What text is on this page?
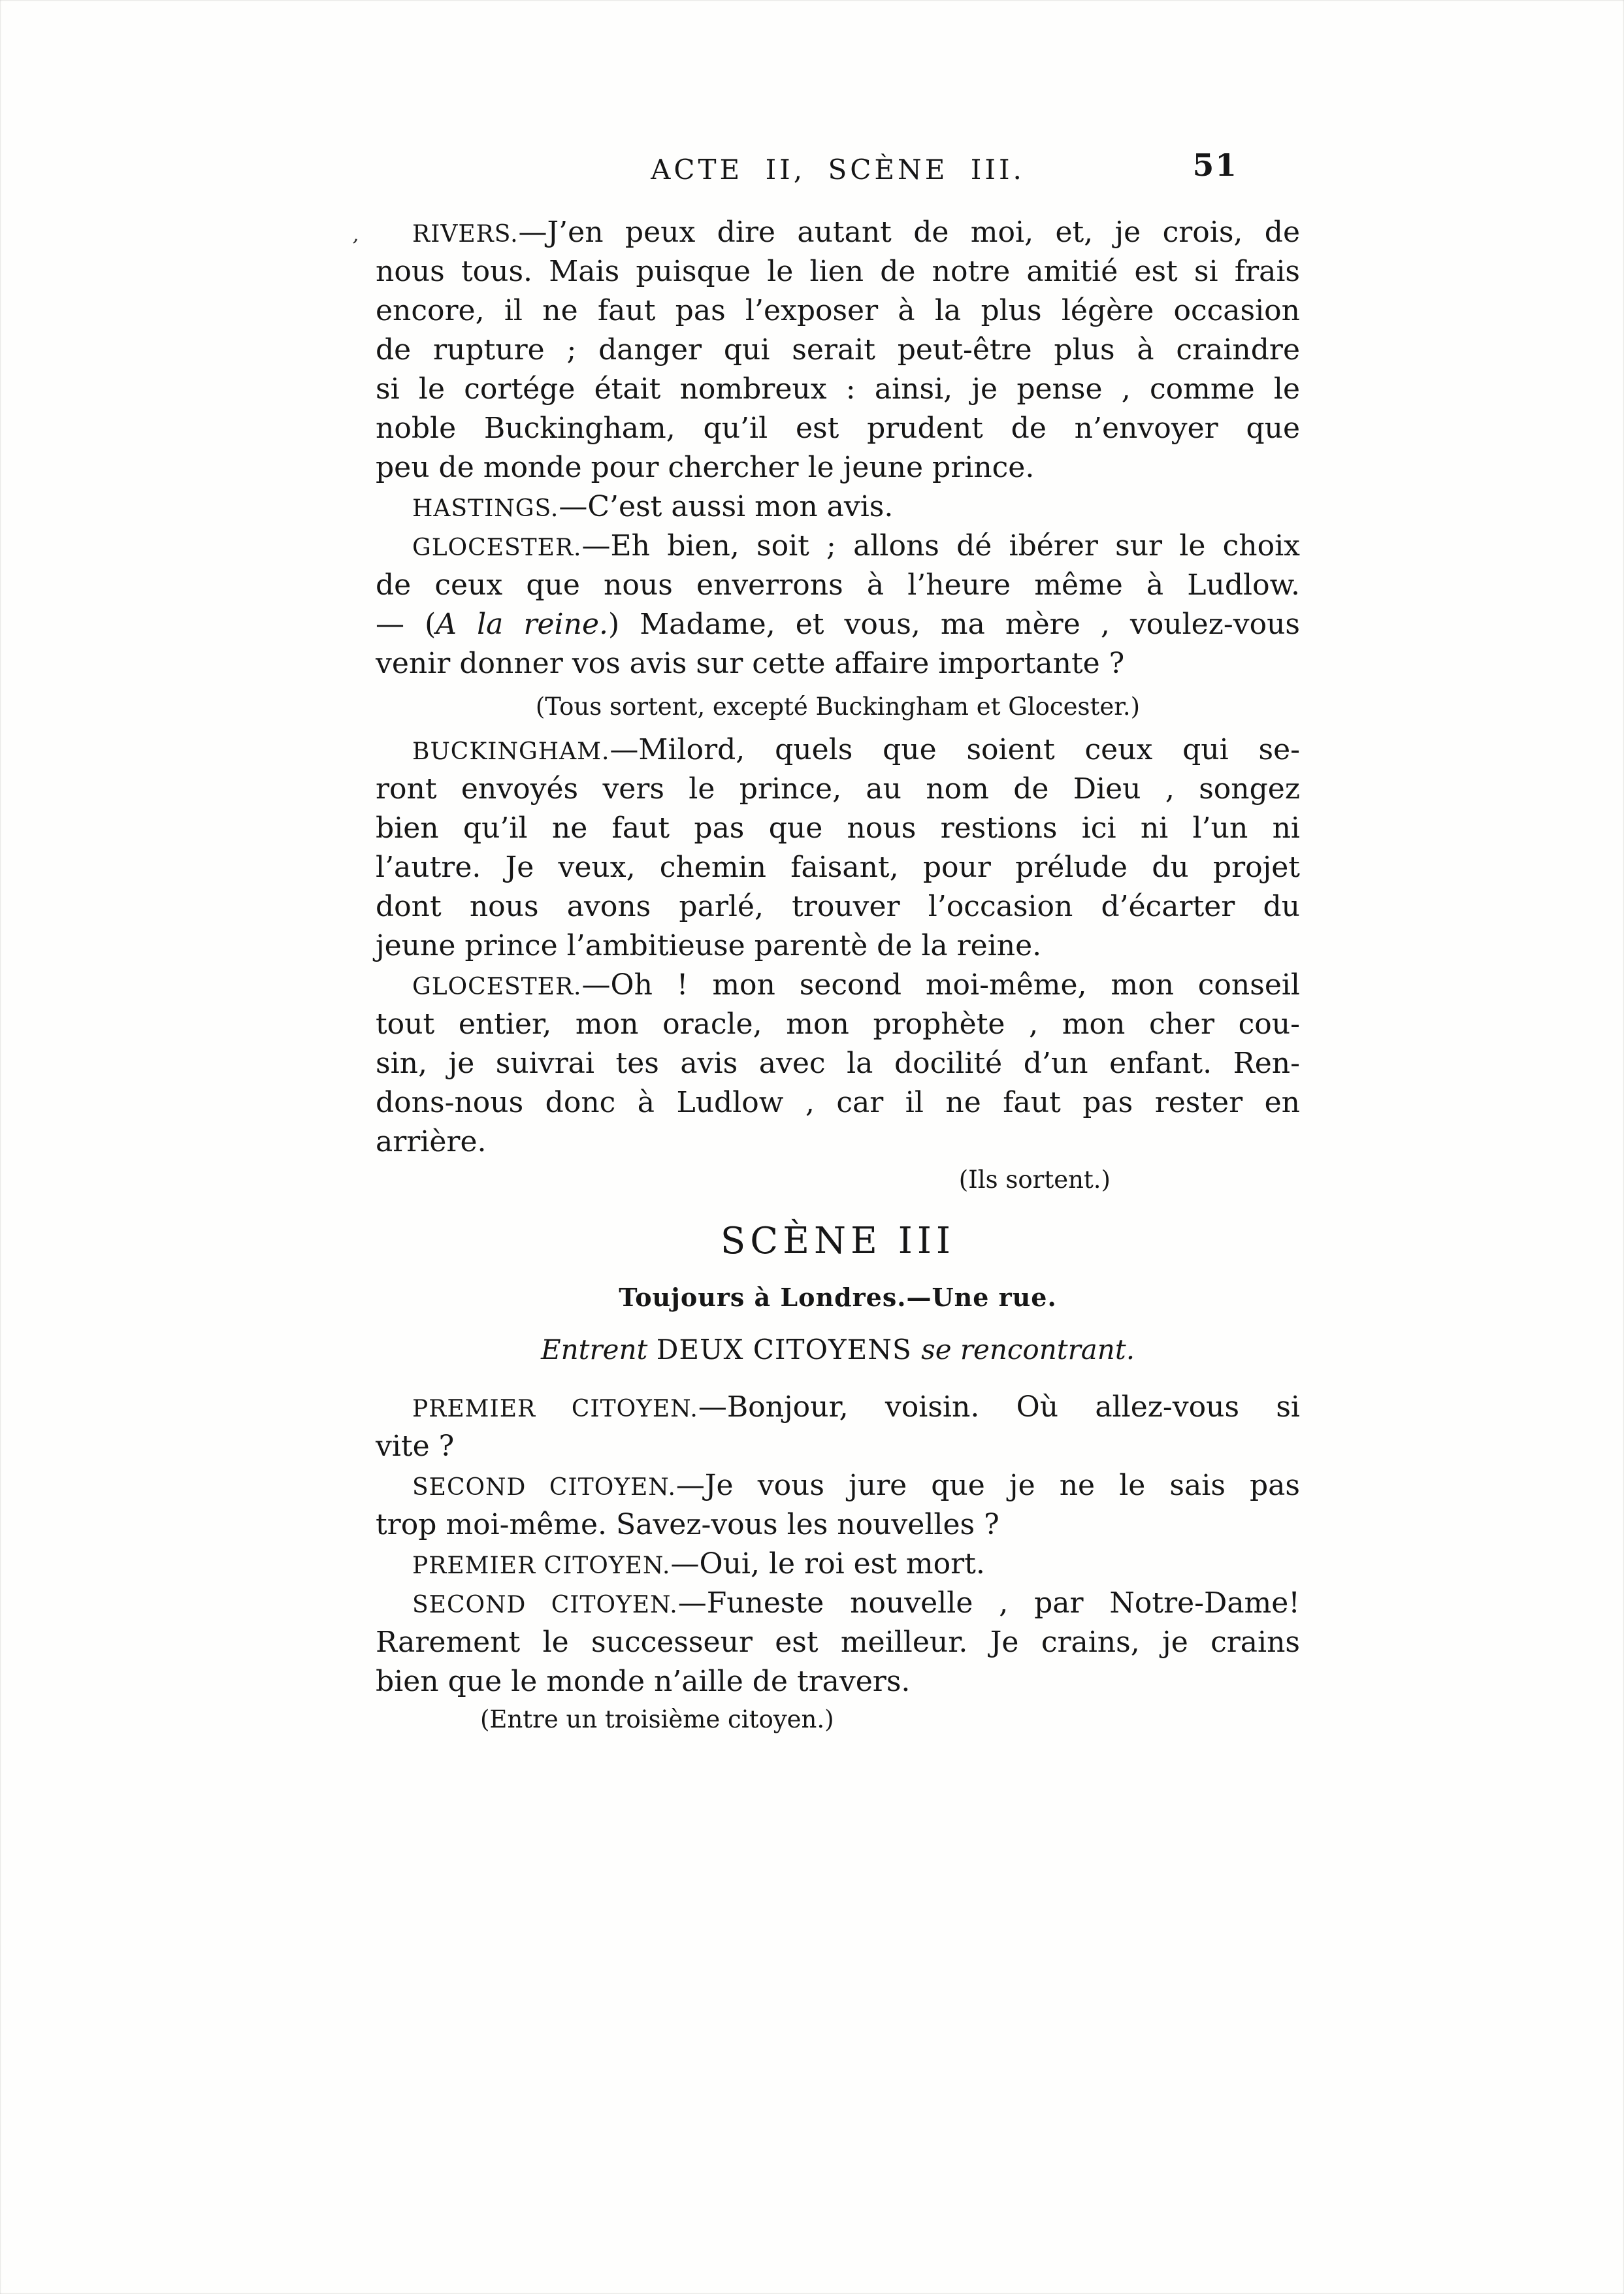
ACTE II, SCÈNE III.	51
, RIVERS.—J’en peux dire autant de moi, et, je crois, de
nous tous. Mais puisque le lien de notre amitié est si frais
encore, il ne faut pas l’exposer à la plus légère occasion
de rupture ; danger qui serait peut-être plus à craindre
si le cortége était nombreux : ainsi, je pense , comme le
noble Buckingham, qu’il est prudent de n’envoyer que
peu de monde pour chercher le jeune prince.
HASTINGS.—C’est aussi mon avis.
GLOCESTER.—Eh bien, soit ; allons dé ibérer sur le choix
de ceux que nous enverrons à l’heure même à Ludlow.
— (A la reine.) Madame, et vous, ma mère , voulez-vous
venir donner vos avis sur cette affaire importante ?
(Tous sortent, excepté Buckingham et Glocester.)
BUCKINGHAM.—Milord, quels que soient ceux qui se-
ront envoyés vers le prince, au nom de Dieu , songez
bien qu’il ne faut pas que nous restions ici ni l’un ni
l’autre. Je veux, chemin faisant, pour prélude du projet
dont nous avons parlé, trouver l’occasion d’écarter du
jeune prince l’ambitieuse parentè de la reine.
GLOCESTER.—Oh ! mon second moi-même, mon conseil
tout entier, mon oracle, mon prophète , mon cher cou-
sin, je suivrai tes avis avec la docilité d’un enfant. Ren-
dons-nous donc à Ludlow , car il ne faut pas rester en
arrière.
(Ils sortent.)
SCÈNE III
Toujours à Londres.—Une rue.
Entrent DEUX CITOYENS se rencontrant.
PREMIER CITOYEN.—Bonjour, voisin. Où allez-vous si
vite ?
SECOND CITOYEN.—Je vous jure que je ne le sais pas
trop moi-même. Savez-vous les nouvelles ?
PREMIER CITOYEN.—Oui, le roi est mort.
SECOND CITOYEN.—Funeste nouvelle , par Notre-Dame!
Rarement le successeur est meilleur. Je crains, je crains
bien que le monde n’aille de travers.
(Entre un troisième citoyen.)
